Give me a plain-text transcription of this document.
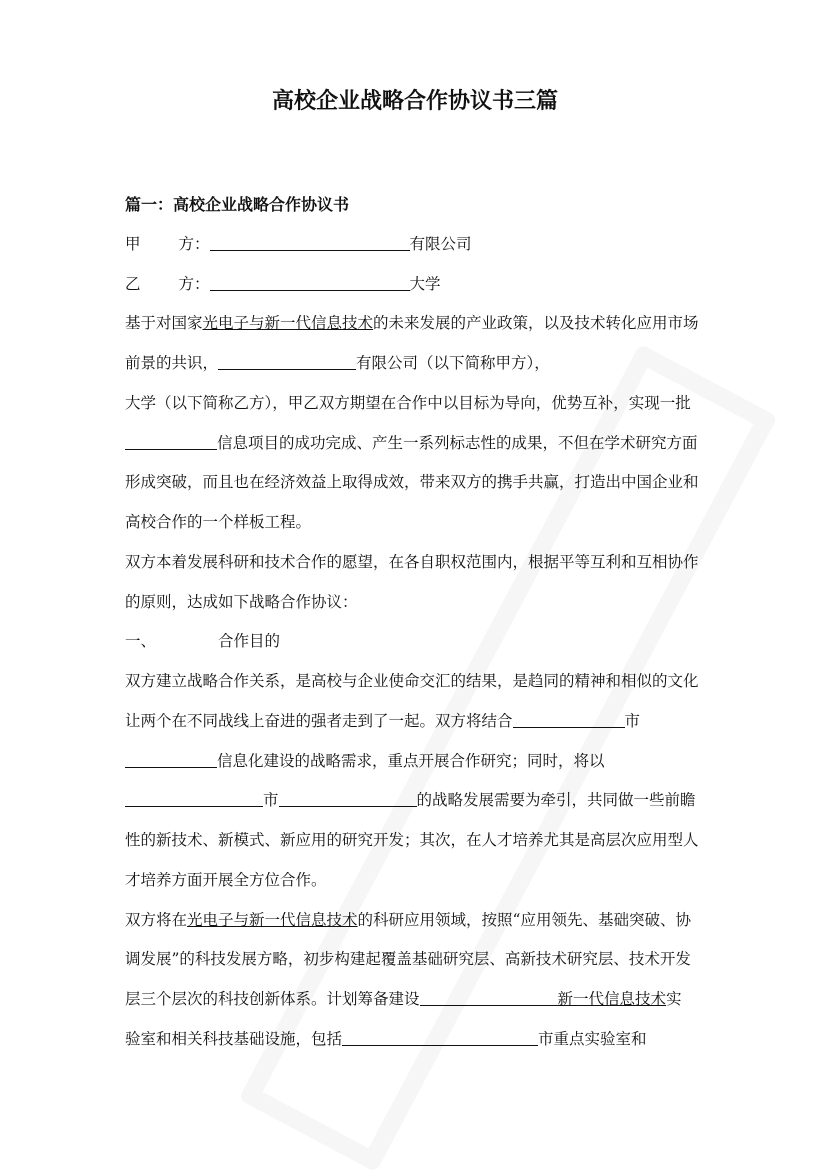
高校企业战略合作协议书三篇
篇一：高校企业战略合作协议书
甲 方：	有限公司
乙 方：	大学
基于对国家光电子与新一代信息技术的未来发展的产业政策，以及技术转化应用市场
前景的共识，	有限公司（以下简称甲方），
大学（以下简称乙方），甲乙双方期望在合作中以目标为导向，优势互补，实现一批
信息项目的成功完成、产生一系列标志性的成果，不但在学术研究方面
形成突破，而且也在经济效益上取得成效，带来双方的携手共赢，打造出中国企业和
高校合作的一个样板工程。
双方本着发展科研和技术合作的愿望，在各自职权范围内，根据平等互利和互相协作
的原则，达成如下战略合作协议：
一、	合作目的
双方建立战略合作关系，是高校与企业使命交汇的结果，是趋同的精神和相似的文化
让两个在不同战线上奋进的强者走到了一起。双方将结合	市
信息化建设的战略需求，重点开展合作研究；同时，将以
市	的战略发展需要为牵引，共同做一些前瞻
性的新技术、新模式、新应用的研究开发；其次，在人才培养尤其是高层次应用型人
才培养方面开展全方位合作。
双方将在光电子与新一代信息技术的科研应用领域，按照“应用领先、基础突破、协
调发展”的科技发展方略，初步构建起覆盖基础研究层、高新技术研究层、技术开发
层三个层次的科技创新体系。计划筹备建设	新一代信息技术实
验室和相关科技基础设施，包括	市重点实验室和
